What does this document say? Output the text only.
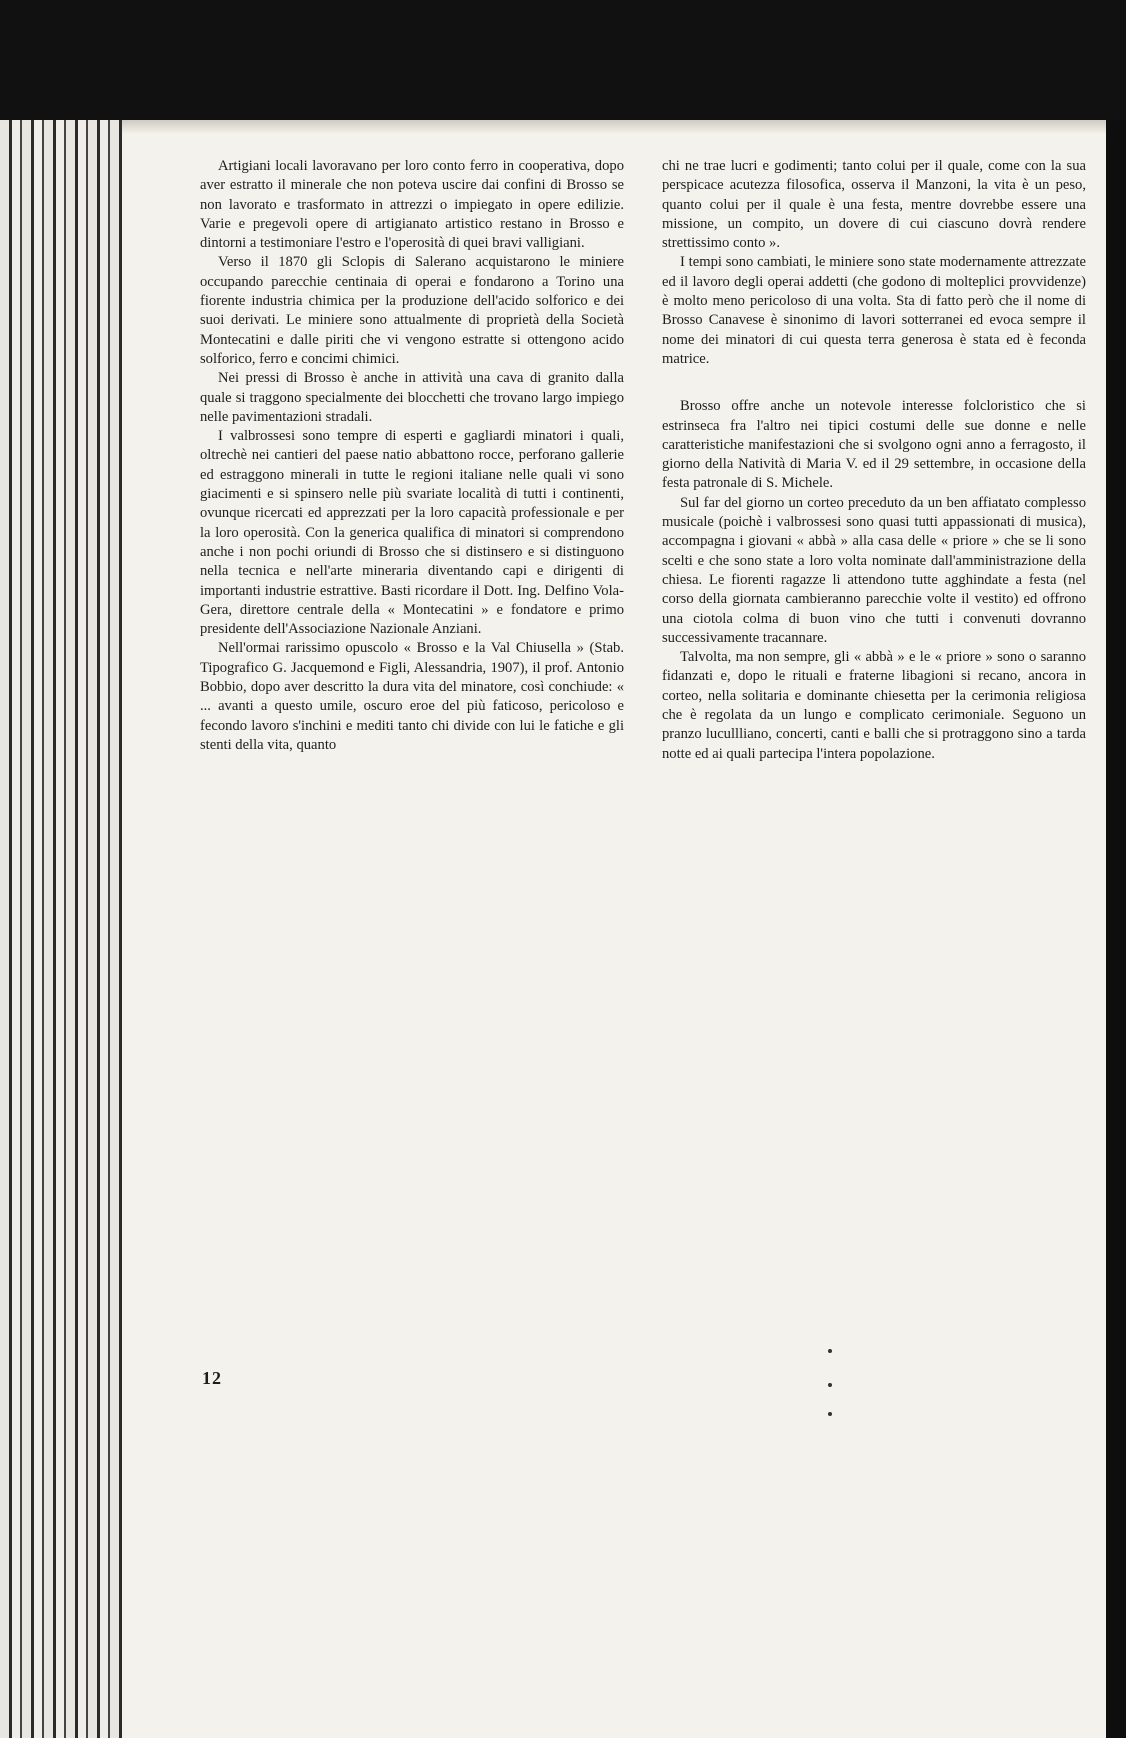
Artigiani locali lavoravano per loro conto ferro in cooperativa, dopo aver estratto il minerale che non poteva uscire dai confini di Brosso se non lavorato e trasformato in attrezzi o impiegato in opere edilizie. Varie e pregevoli opere di artigianato artistico restano in Brosso e dintorni a testimoniare l'estro e l'operosità di quei bravi valligiani.

Verso il 1870 gli Sclopis di Salerano acquistarono le miniere occupando parecchie centinaia di operai e fondarono a Torino una fiorente industria chimica per la produzione dell'acido solforico e dei suoi derivati. Le miniere sono attualmente di proprietà della Società Montecatini e dalle piriti che vi vengono estratte si ottengono acido solforico, ferro e concimi chimici.

Nei pressi di Brosso è anche in attività una cava di granito dalla quale si traggono specialmente dei blocchetti che trovano largo impiego nelle pavimentazioni stradali.

I valbrossesi sono tempre di esperti e gagliardi minatori i quali, oltrechè nei cantieri del paese natio abbattono rocce, perforano gallerie ed estraggono minerali in tutte le regioni italiane nelle quali vi sono giacimenti e si spinsero nelle più svariate località di tutti i continenti, ovunque ricercati ed apprezzati per la loro capacità professionale e per la loro operosità. Con la generica qualifica di minatori si comprendono anche i non pochi oriundi di Brosso che si distinsero e si distinguono nella tecnica e nell'arte mineraria diventando capi e dirigenti di importanti industrie estrattive. Basti ricordare il Dott. Ing. Delfino Vola-Gera, direttore centrale della « Montecatini » e fondatore e primo presidente dell'Associazione Nazionale Anziani.

Nell'ormai rarissimo opuscolo « Brosso e la Val Chiusella » (Stab. Tipografico G. Jacquemond e Figli, Alessandria, 1907), il prof. Antonio Bobbio, dopo aver descritto la dura vita del minatore, così conchiude: « ... avanti a questo umile, oscuro eroe del più faticoso, pericoloso e fecondo lavoro s'inchini e mediti tanto chi divide con lui le fatiche e gli stenti della vita, quanto

chi ne trae lucri e godimenti; tanto colui per il quale, come con la sua perspicace acutezza filosofica, osserva il Manzoni, la vita è un peso, quanto colui per il quale è una festa, mentre dovrebbe essere una missione, un compito, un dovere di cui ciascuno dovrà rendere strettissimo conto ».

I tempi sono cambiati, le miniere sono state modernamente attrezzate ed il lavoro degli operai addetti (che godono di molteplici provvidenze) è molto meno pericoloso di una volta. Sta di fatto però che il nome di Brosso Canavese è sinonimo di lavori sotterranei ed evoca sempre il nome dei minatori di cui questa terra generosa è stata ed è feconda matrice.

Brosso offre anche un notevole interesse folcloristico che si estrinseca fra l'altro nei tipici costumi delle sue donne e nelle caratteristiche manifestazioni che si svolgono ogni anno a ferragosto, il giorno della Natività di Maria V. ed il 29 settembre, in occasione della festa patronale di S. Michele.

Sul far del giorno un corteo preceduto da un ben affiatato complesso musicale (poichè i valbrossesi sono quasi tutti appassionati di musica), accompagna i giovani « abbà » alla casa delle « priore » che se li sono scelti e che sono state a loro volta nominate dall'amministrazione della chiesa. Le fiorenti ragazze li attendono tutte agghindate a festa (nel corso della giornata cambieranno parecchie volte il vestito) ed offrono una ciotola colma di buon vino che tutti i convenuti dovranno successivamente tracannare.

Talvolta, ma non sempre, gli « abbà » e le « priore » sono o saranno fidanzati e, dopo le rituali e fraterne libagioni si recano, ancora in corteo, nella solitaria e dominante chiesetta per la cerimonia religiosa che è regolata da un lungo e complicato cerimoniale. Seguono un pranzo lucullliano, concerti, canti e balli che si protraggono sino a tarda notte ed ai quali partecipa l'intera popolazione.

12
